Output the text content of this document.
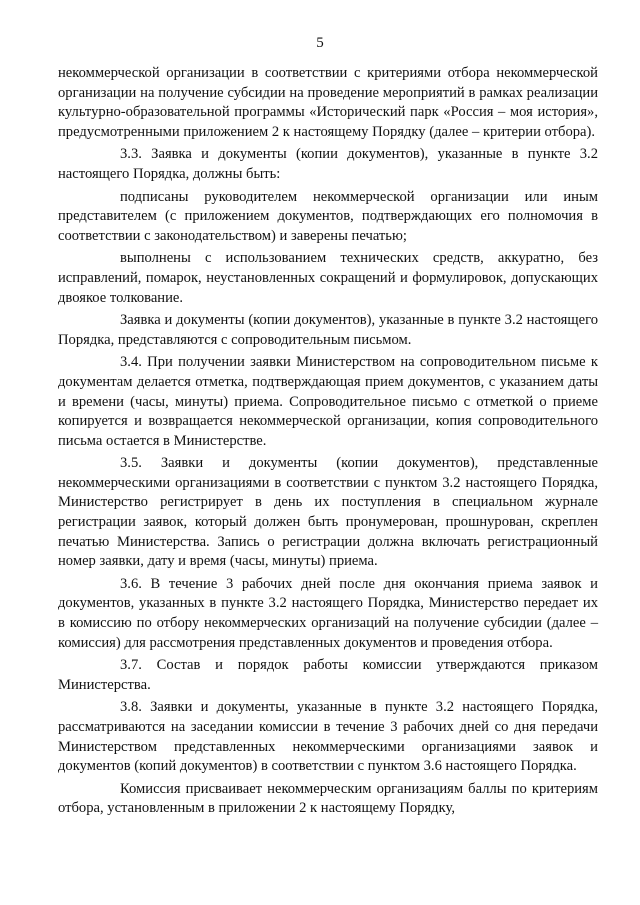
5

некоммерческой организации в соответствии с критериями отбора некоммерческой организации на получение субсидии на проведение мероприятий в рамках реализации культурно-образовательной программы «Исторический парк «Россия – моя история», предусмотренными приложением 2 к настоящему Порядку (далее – критерии отбора).

3.3. Заявка и документы (копии документов), указанные в пункте 3.2 настоящего Порядка, должны быть:

подписаны руководителем некоммерческой организации или иным представителем (с приложением документов, подтверждающих его полномочия в соответствии с законодательством) и заверены печатью;

выполнены с использованием технических средств, аккуратно, без исправлений, помарок, неустановленных сокращений и формулировок, допускающих двоякое толкование.

Заявка и документы (копии документов), указанные в пункте 3.2 настоящего Порядка, представляются с сопроводительным письмом.

3.4. При получении заявки Министерством на сопроводительном письме к документам делается отметка, подтверждающая прием документов, с указанием даты и времени (часы, минуты) приема. Сопроводительное письмо с отметкой о приеме копируется и возвращается некоммерческой организации, копия сопроводительного письма остается в Министерстве.

3.5. Заявки и документы (копии документов), представленные некоммерческими организациями в соответствии с пунктом 3.2 настоящего Порядка, Министерство регистрирует в день их поступления в специальном журнале регистрации заявок, который должен быть пронумерован, прошнурован, скреплен печатью Министерства. Запись о регистрации должна включать регистрационный номер заявки, дату и время (часы, минуты) приема.

3.6. В течение 3 рабочих дней после дня окончания приема заявок и документов, указанных в пункте 3.2 настоящего Порядка, Министерство передает их в комиссию по отбору некоммерческих организаций на получение субсидии (далее – комиссия) для рассмотрения представленных документов и проведения отбора.

3.7. Состав и порядок работы комиссии утверждаются приказом Министерства.

3.8. Заявки и документы, указанные в пункте 3.2 настоящего Порядка, рассматриваются на заседании комиссии в течение 3 рабочих дней со дня передачи Министерством представленных некоммерческими организациями заявок и документов (копий документов) в соответствии с пунктом 3.6 настоящего Порядка.

Комиссия присваивает некоммерческим организациям баллы по критериям отбора, установленным в приложении 2 к настоящему Порядку,
